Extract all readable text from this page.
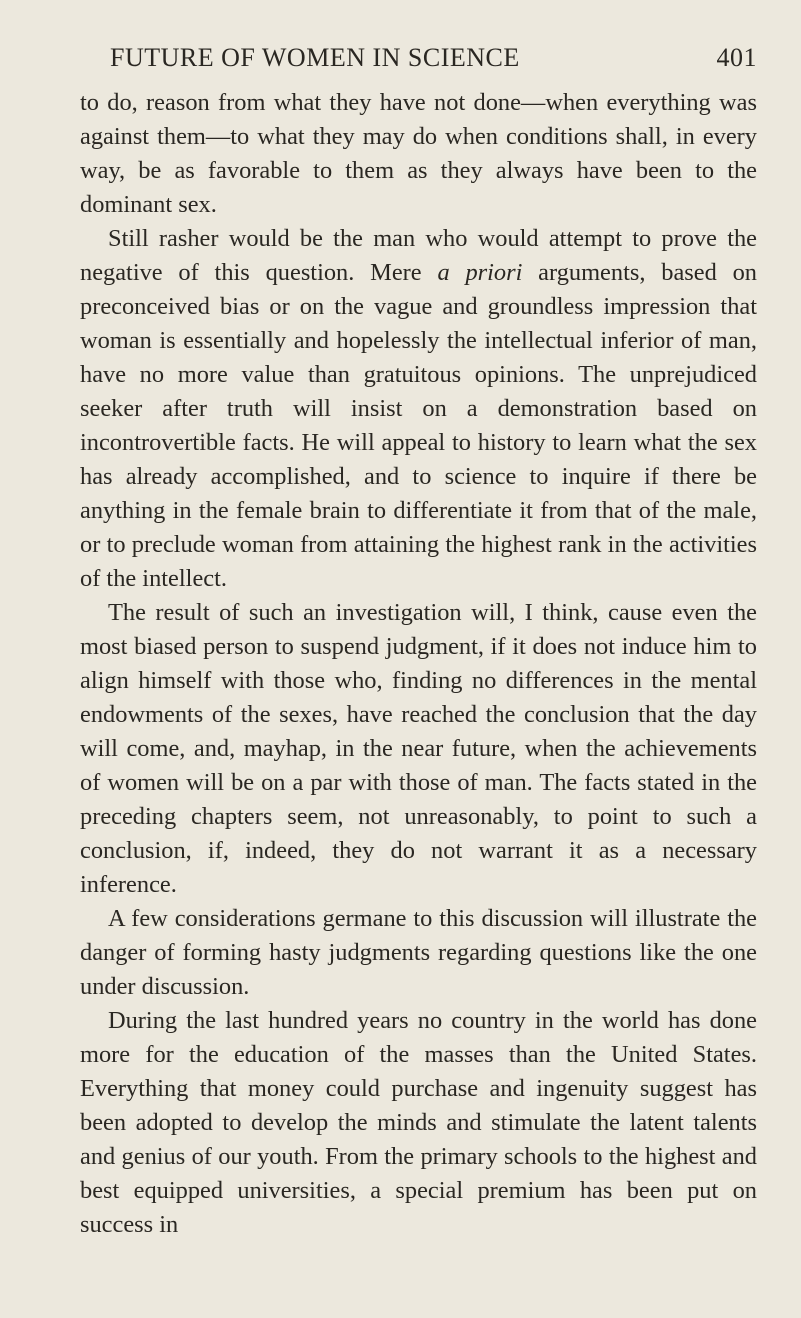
FUTURE OF WOMEN IN SCIENCE	401

to do, reason from what they have not done—when everything was against them—to what they may do when conditions shall, in every way, be as favorable to them as they always have been to the dominant sex.

Still rasher would be the man who would attempt to prove the negative of this question. Mere a priori arguments, based on preconceived bias or on the vague and groundless impression that woman is essentially and hopelessly the intellectual inferior of man, have no more value than gratuitous opinions. The unprejudiced seeker after truth will insist on a demonstration based on incontrovertible facts. He will appeal to history to learn what the sex has already accomplished, and to science to inquire if there be anything in the female brain to differentiate it from that of the male, or to preclude woman from attaining the highest rank in the activities of the intellect.

The result of such an investigation will, I think, cause even the most biased person to suspend judgment, if it does not induce him to align himself with those who, finding no differences in the mental endowments of the sexes, have reached the conclusion that the day will come, and, mayhap, in the near future, when the achievements of women will be on a par with those of man. The facts stated in the preceding chapters seem, not unreasonably, to point to such a conclusion, if, indeed, they do not warrant it as a necessary inference.

A few considerations germane to this discussion will illustrate the danger of forming hasty judgments regarding questions like the one under discussion.

During the last hundred years no country in the world has done more for the education of the masses than the United States. Everything that money could purchase and ingenuity suggest has been adopted to develop the minds and stimulate the latent talents and genius of our youth. From the primary schools to the highest and best equipped universities, a special premium has been put on success in
